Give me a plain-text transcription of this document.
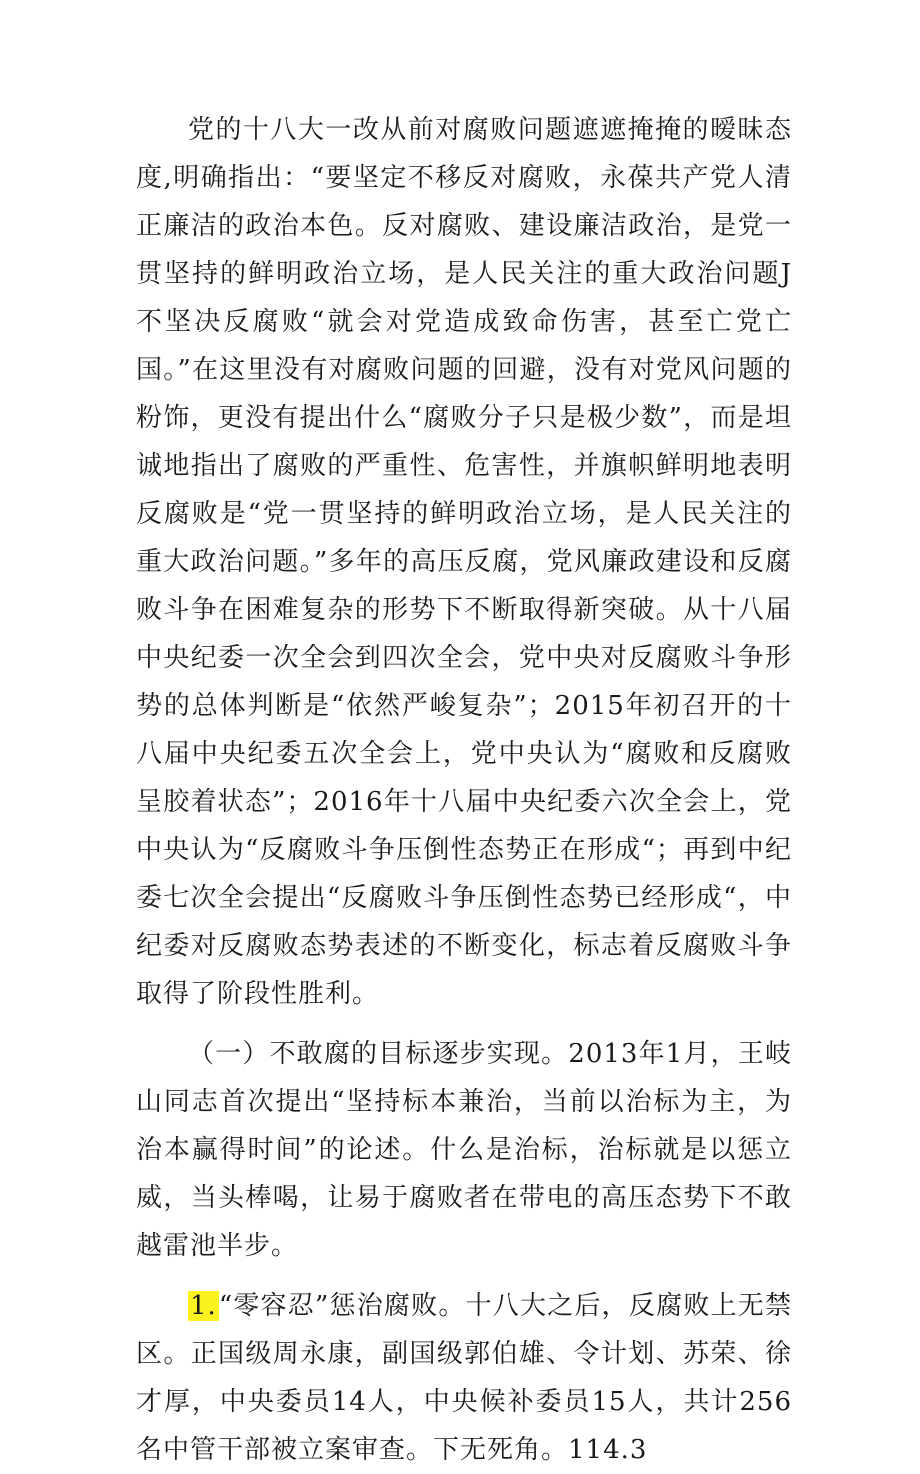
党的十八大一改从前对腐败问题遮遮掩掩的暧昧态度,明确指出：“要坚定不移反对腐败，永葆共产党人清正廉洁的政治本色。反对腐败、建设廉洁政治，是党一贯坚持的鲜明政治立场，是人民关注的重大政治问题J不坚决反腐败“就会对党造成致命伤害，甚至亡党亡国。”在这里没有对腐败问题的回避，没有对党风问题的粉饰，更没有提出什么“腐败分子只是极少数”，而是坦诚地指出了腐败的严重性、危害性，并旗帜鲜明地表明反腐败是“党一贯坚持的鲜明政治立场，是人民关注的重大政治问题。”多年的高压反腐，党风廉政建设和反腐败斗争在困难复杂的形势下不断取得新突破。从十八届中央纪委一次全会到四次全会，党中央对反腐败斗争形势的总体判断是“依然严峻复杂”；2015年初召开的十八届中央纪委五次全会上，党中央认为“腐败和反腐败呈胶着状态”；2016年十八届中央纪委六次全会上，党中央认为“反腐败斗争压倒性态势正在形成“；再到中纪委七次全会提出“反腐败斗争压倒性态势已经形成“，中纪委对反腐败态势表述的不断变化，标志着反腐败斗争取得了阶段性胜利。

（一）不敢腐的目标逐步实现。2013年1月，王岐山同志首次提出“坚持标本兼治，当前以治标为主，为治本赢得时间”的论述。什么是治标，治标就是以惩立威，当头棒喝，让易于腐败者在带电的高压态势下不敢越雷池半步。

1.“零容忍”惩治腐败。十八大之后，反腐败上无禁区。正国级周永康，副国级郭伯雄、令计划、苏荣、徐才厚，中央委员14人，中央候补委员15人，共计256名中管干部被立案审查。下无死角。114.3
